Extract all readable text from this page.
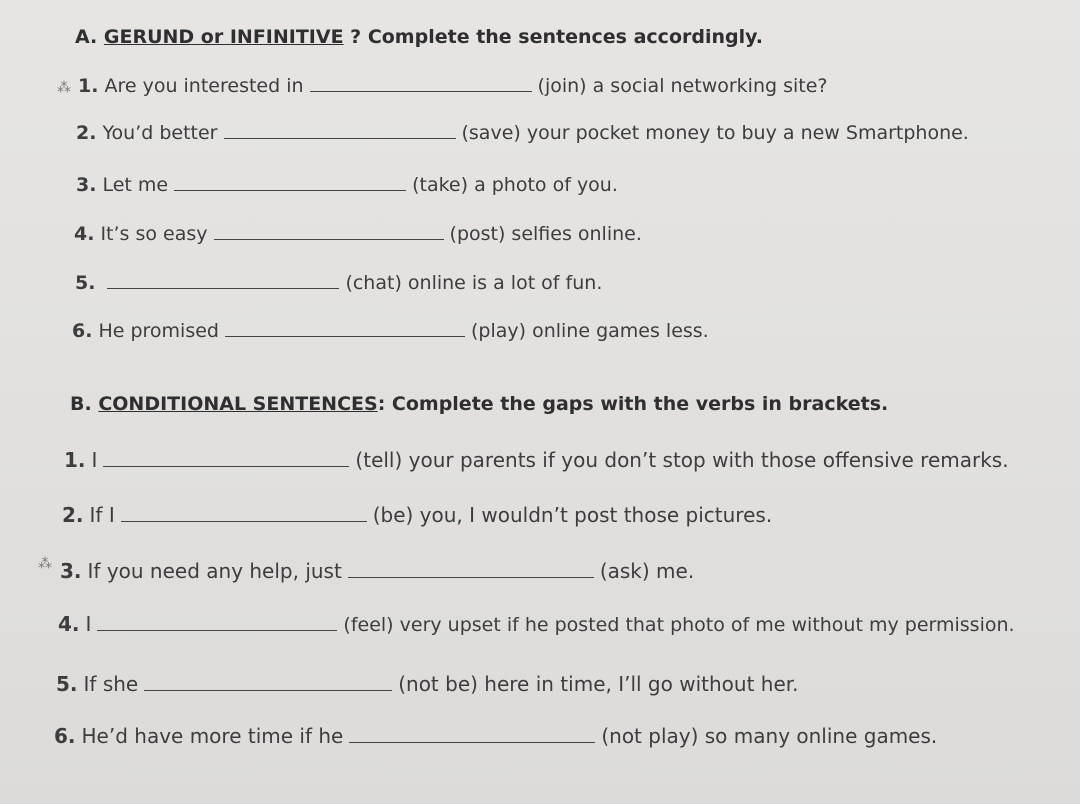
A. GERUND or INFINITIVE ? Complete the sentences accordingly.
⁂ 1. Are you interested in	(join) a social networking site?
2. You’d better	(save) your pocket money to buy a new Smartphone.
3. Let me	(take) a photo of you.
4. It’s so easy	(post) selfies online.
5.	(chat) online is a lot of fun.
6. He promised	(play) online games less.
B. CONDITIONAL SENTENCES: Complete the gaps with the verbs in brackets.
1. I	(tell) your parents if you don’t stop with those offensive remarks.
2. If I	(be) you, I wouldn’t post those pictures.
⁂ 3. If you need any help, just	(ask) me.
4. I	(feel) very upset if he posted that photo of me without my permission.
5. If she	(not be) here in time, I’ll go without her.
6. He’d have more time if he	(not play) so many online games.
